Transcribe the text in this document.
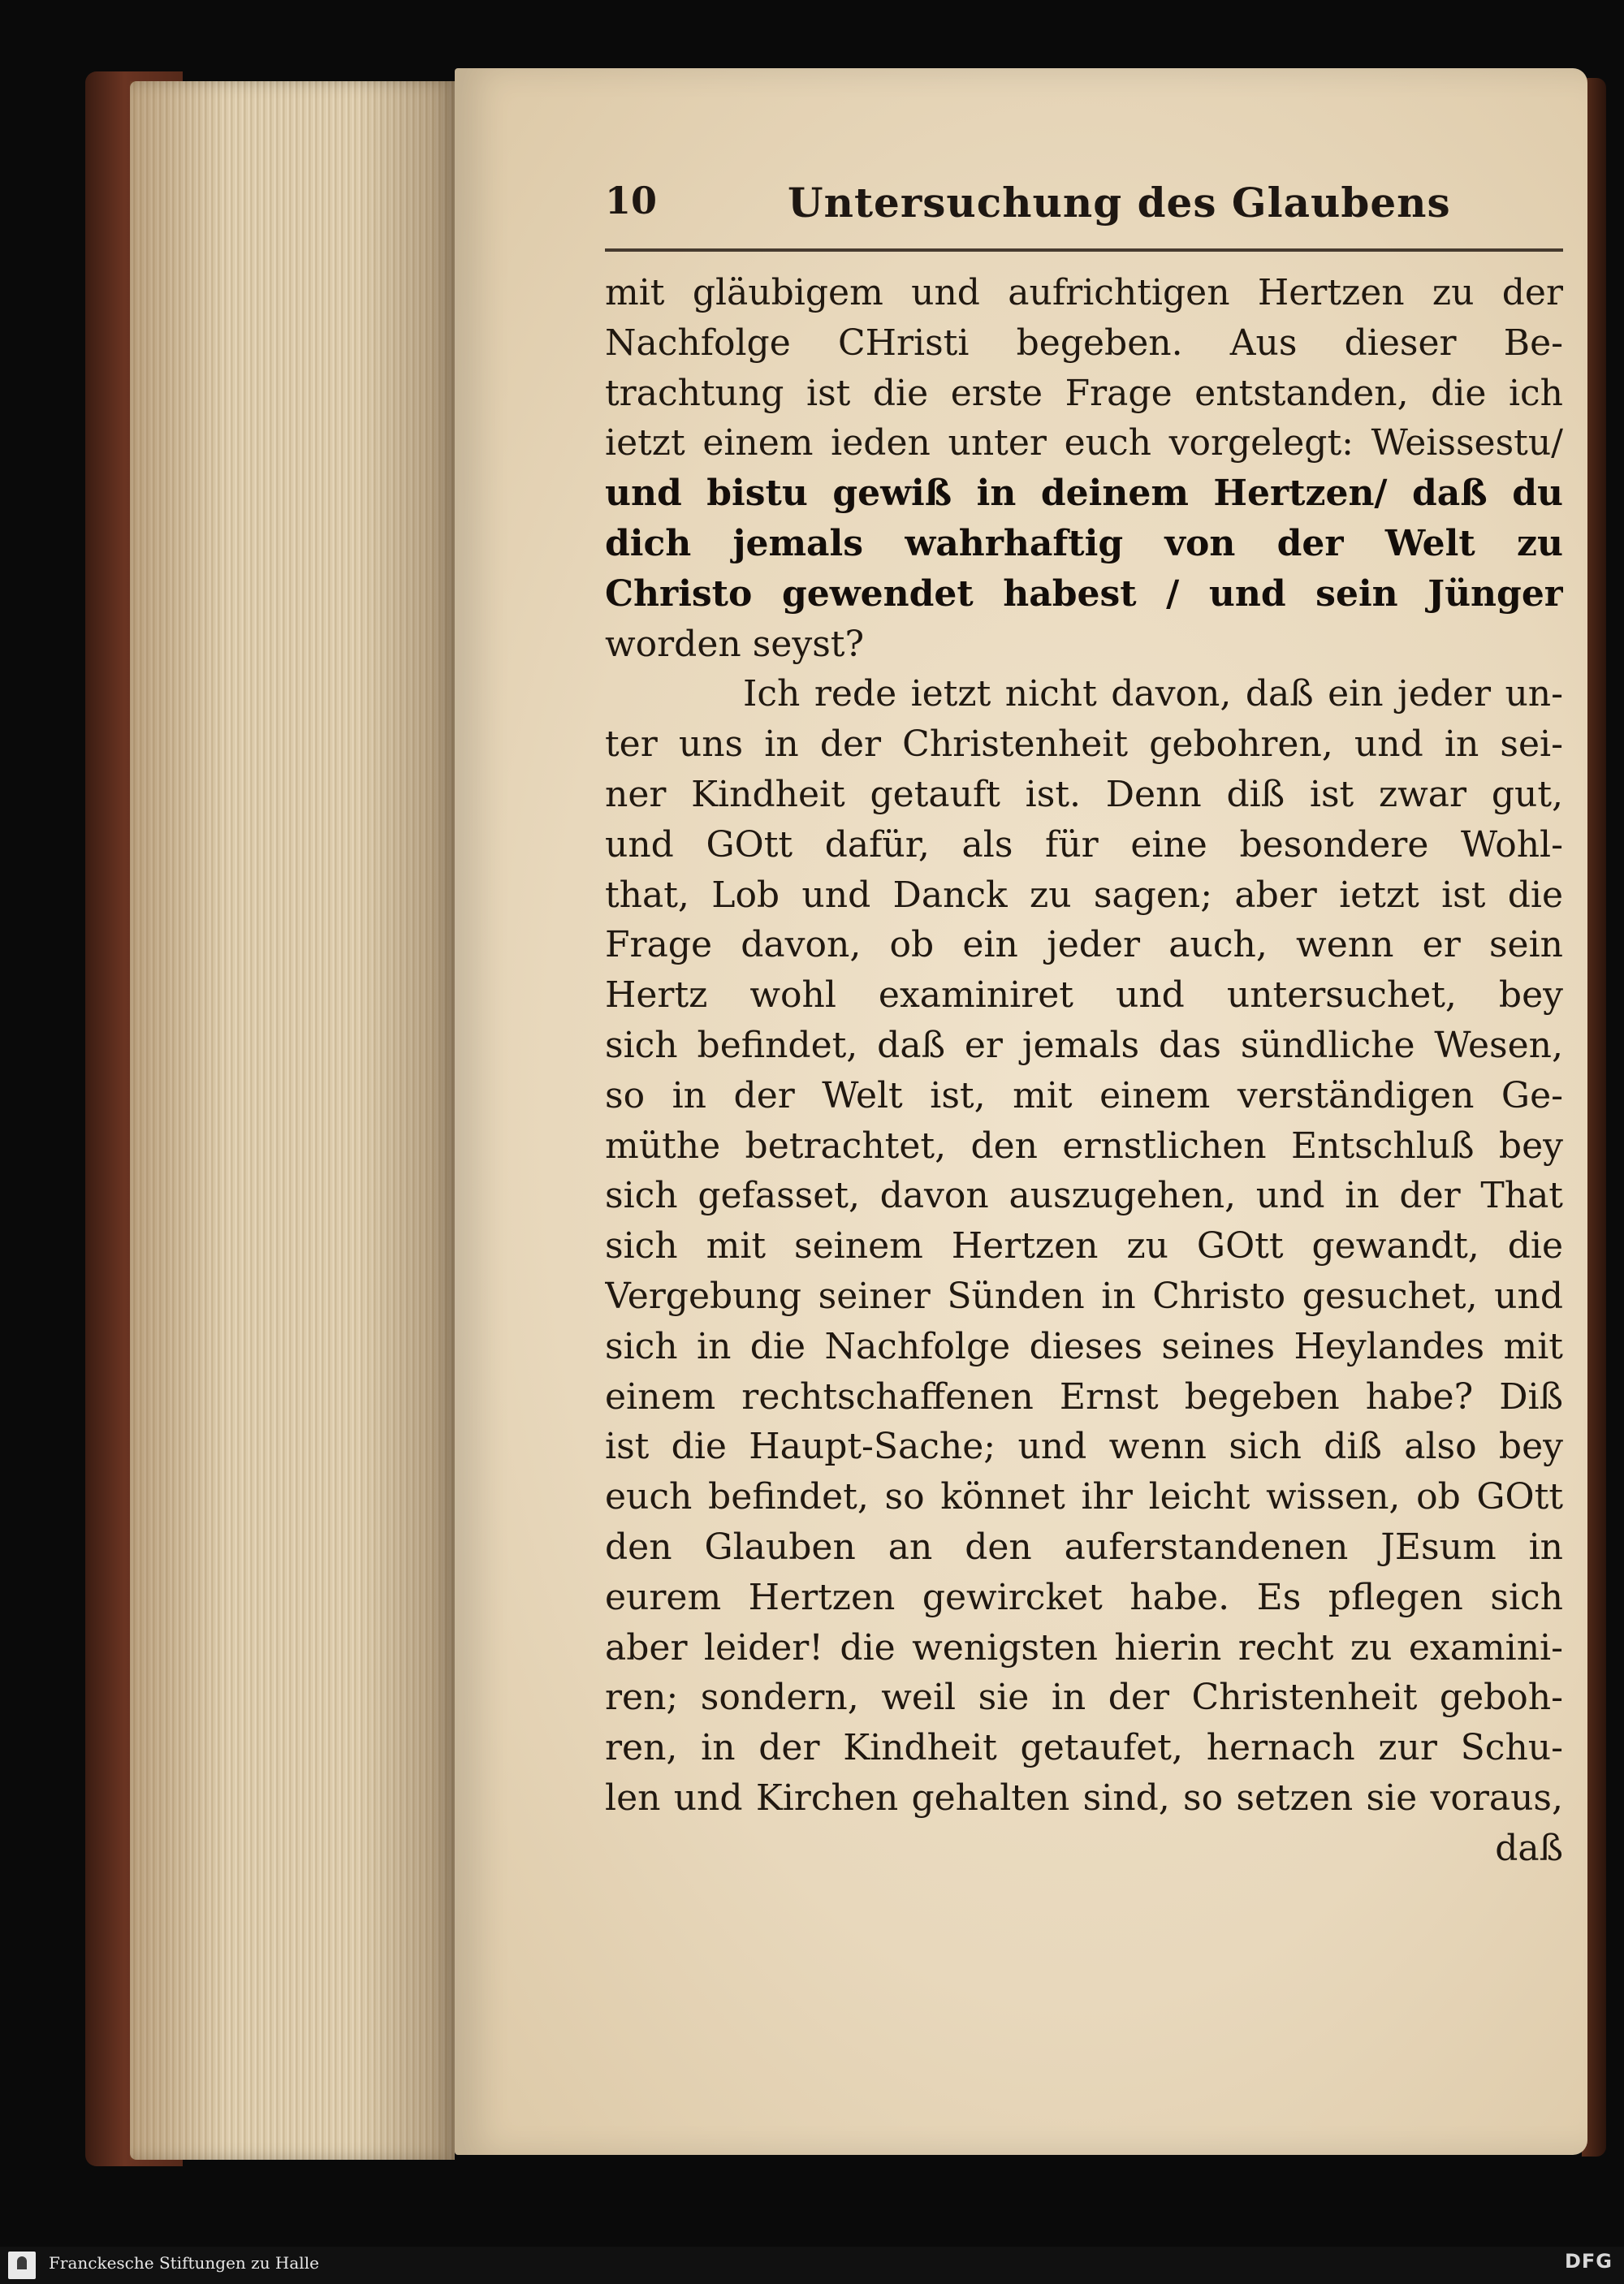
10	Untersuchung des Glaubens
mit gläubigem und aufrichtigen Hertzen zu der
Nachfolge CHristi begeben. Aus dieser Be-
trachtung ist die erste Frage entstanden, die ich
ietzt einem ieden unter euch vorgelegt: Weissestu/
und bistu gewiß in deinem Hertzen/ daß du
dich jemals wahrhaftig von der Welt zu
Christo gewendet habest / und sein Jünger
worden seyst?
Ich rede ietzt nicht davon, daß ein jeder un-
ter uns in der Christenheit gebohren, und in sei-
ner Kindheit getauft ist. Denn diß ist zwar gut,
und GOtt dafür, als für eine besondere Wohl-
that, Lob und Danck zu sagen; aber ietzt ist die
Frage davon, ob ein jeder auch, wenn er sein
Hertz wohl examiniret und untersuchet, bey
sich befindet, daß er jemals das sündliche Wesen,
so in der Welt ist, mit einem verständigen Ge-
müthe betrachtet, den ernstlichen Entschluß bey
sich gefasset, davon auszugehen, und in der That
sich mit seinem Hertzen zu GOtt gewandt, die
Vergebung seiner Sünden in Christo gesuchet, und
sich in die Nachfolge dieses seines Heylandes mit
einem rechtschaffenen Ernst begeben habe? Diß
ist die Haupt-Sache; und wenn sich diß also bey
euch befindet, so könnet ihr leicht wissen, ob GOtt
den Glauben an den auferstandenen JEsum in
eurem Hertzen gewircket habe. Es pflegen sich
aber leider! die wenigsten hierin recht zu examini-
ren; sondern, weil sie in der Christenheit geboh-
ren, in der Kindheit getaufet, hernach zur Schu-
len und Kirchen gehalten sind, so setzen sie voraus,
daß
Franckesche Stiftungen zu Halle	DFG
